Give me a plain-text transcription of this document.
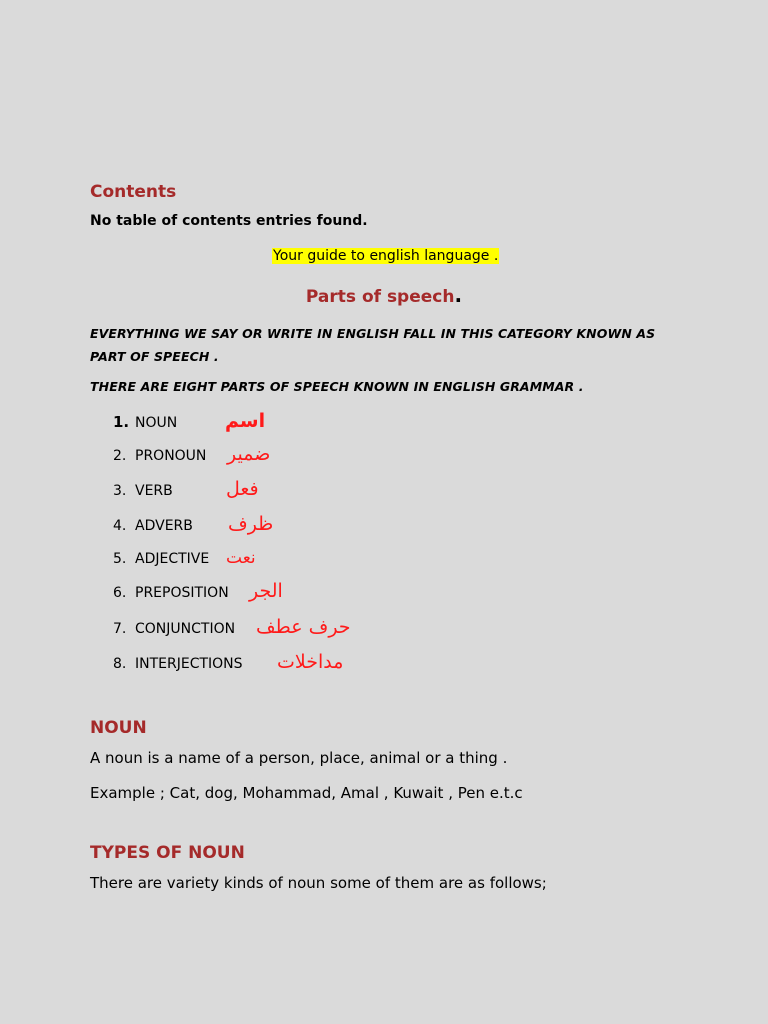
Contents
No table of contents entries found.
Your guide to english language .
Parts of speech.
EVERYTHING WE SAY OR WRITE IN ENGLISH FALL IN THIS CATEGORY KNOWN AS
PART OF SPEECH .
THERE ARE EIGHT PARTS OF SPEECH KNOWN IN ENGLISH GRAMMAR .
1. NOUN	اسم
2. PRONOUN ضمير
3. VERB	فعل
4. ADVERB ظرف
5. ADJECTIVE نعت
6. PREPOSITION الجر
7. CONJUNCTION حرف عطف
8. INTERJECTIONS مداخلات
NOUN
A noun is a name of a person, place, animal or a thing .
Example ; Cat, dog, Mohammad, Amal , Kuwait , Pen e.t.c
TYPES OF NOUN
There are variety kinds of noun some of them are as follows;
